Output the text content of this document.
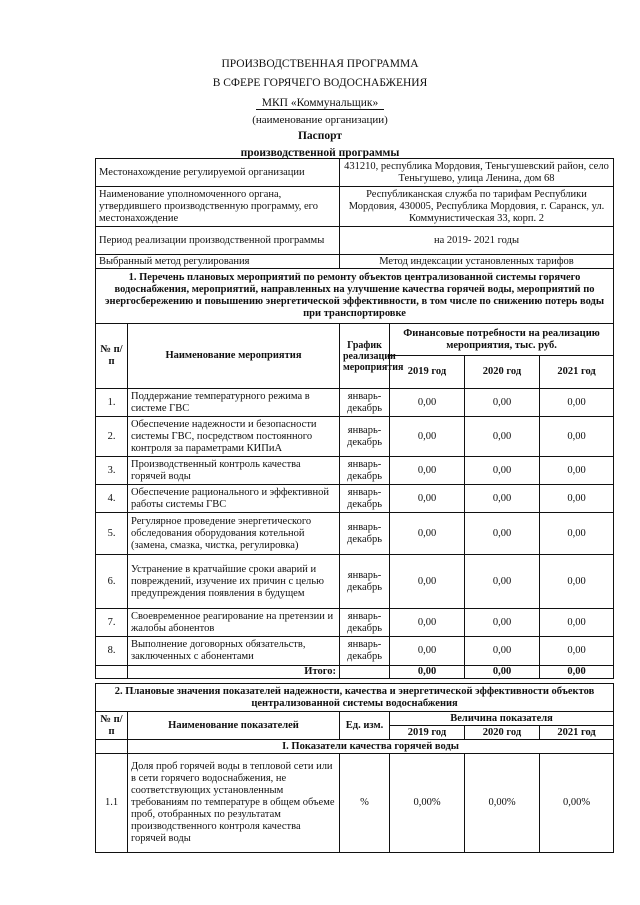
ПРОИЗВОДСТВЕННАЯ ПРОГРАММА
В СФЕРЕ ГОРЯЧЕГО ВОДОСНАБЖЕНИЯ
МКП «Коммунальщик»
(наименование организации)
Паспорт
производственной программы
Местонахождение регулируемой организации	431210, республика Мордовия, Теньгушевский район, село Теньгушево, улица Ленина, дом 68
Наименование уполномоченного органа, утвердившего производственную программу, его местонахождение	Республиканская служба по тарифам Республики Мордовия, 430005, Республика Мордовия, г. Саранск, ул. Коммунистическая 33, корп. 2
Период реализации производственной программы	на 2019- 2021 годы
Выбранный метод регулирования	Метод индексации установленных тарифов
1. Перечень плановых мероприятий по ремонту объектов централизованной системы горячего водоснабжения, мероприятий, направленных на улучшение качества горячей воды, мероприятий по энергосбережению и повышению энергетической эффективности, в том числе по снижению потерь воды при транспортировке					
№ п/п	Наименование мероприятия	График реализации мероприятия	Финансовые потребности на реализацию мероприятия, тыс. руб.		
			2019 год	2020 год	2021 год
1.	Поддержание температурного режима в системе ГВС	январь-декабрь	0,00	0,00	0,00
2.	Обеспечение надежности и безопасности системы ГВС, посредством постоянного контроля за параметрами КИПиА	январь-декабрь	0,00	0,00	0,00
3.	Производственный контроль качества горячей воды	январь-декабрь	0,00	0,00	0,00
4.	Обеспечение рационального и эффективной работы системы ГВС	январь-декабрь	0,00	0,00	0,00
5.	Регулярное проведение энергетического обследования оборудования котельной (замена, смазка, чистка, регулировка)	январь-декабрь	0,00	0,00	0,00
6.	Устранение в кратчайшие сроки аварий и повреждений, изучение их причин с целью предупреждения появления в будущем	январь-декабрь	0,00	0,00	0,00
7.	Своевременное реагирование на претензии и жалобы абонентов	январь-декабрь	0,00	0,00	0,00
8.	Выполнение договорных обязательств, заключенных с абонентами	январь-декабрь	0,00	0,00	0,00
	Итого:		0,00	0,00	0,00
2. Плановые значения показателей надежности, качества и энергетической эффективности объектов централизованной системы водоснабжения					
№ п/п	Наименование показателей	Ед. изм.	Величина показателя		
			2019 год	2020 год	2021 год
	I. Показатели качества горячей воды				
1.1	Доля проб горячей воды в тепловой сети или в сети горячего водоснабжения, не соответствующих установленным требованиям по температуре в общем объеме проб, отобранных по результатам производственного контроля качества горячей воды	%	0,00%	0,00%	0,00%
